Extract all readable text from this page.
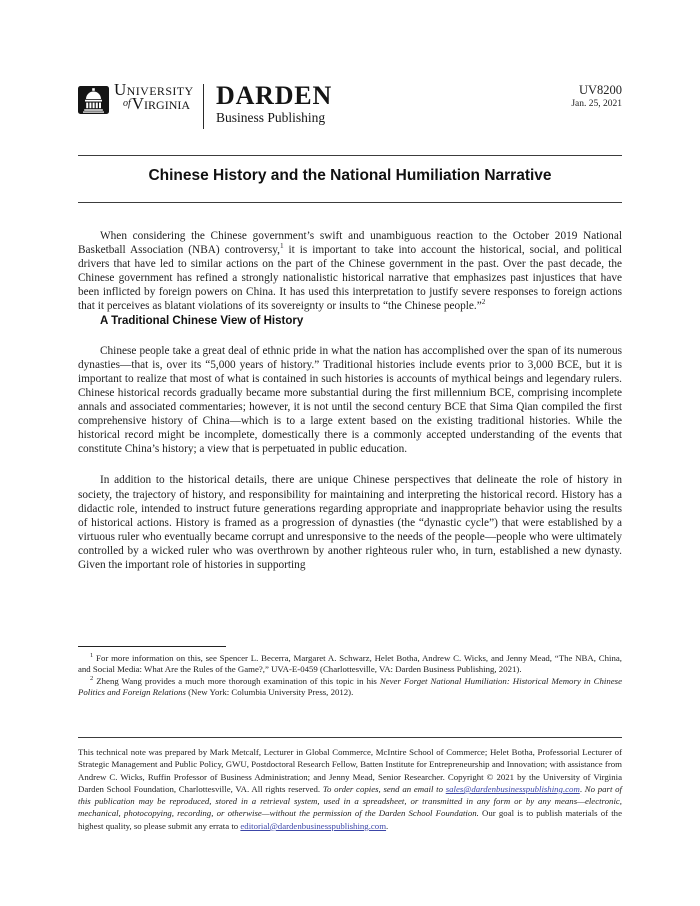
University
ofVirginia DARDEN
Business Publishing
UV8200
Jan. 25, 2021
Chinese History and the National Humiliation Narrative

When considering the Chinese government’s swift and unambiguous reaction to the October 2019 National Basketball Association (NBA) controversy,$^1$ it is important to take into account the historical, social, and political drivers that have led to similar actions on the part of the Chinese government in the past. Over the past decade, the Chinese government has refined a strongly nationalistic historical narrative that emphasizes past injustices that have been inflicted by foreign powers on China. It has used this interpretation to justify severe responses to foreign actions that it perceives as blatant violations of its sovereignty or insults to “the Chinese people.”$^2$

A Traditional Chinese View of History

Chinese people take a great deal of ethnic pride in what the nation has accomplished over the span of its numerous dynasties—that is, over its “5,000 years of history.” Traditional histories include events prior to 3,000 BCE, but it is important to realize that most of what is contained in such histories is accounts of mythical beings and legendary rulers. Chinese historical records gradually became more substantial during the first millennium BCE, comprising incomplete annals and associated commentaries; however, it is not until the second century BCE that Sima Qian compiled the first comprehensive history of China—which is to a large extent based on the existing traditional histories. While the historical record might be incomplete, domestically there is a commonly accepted understanding of the events that constitute China’s history; a view that is perpetuated in public education.

In addition to the historical details, there are unique Chinese perspectives that delineate the role of history in society, the trajectory of history, and responsibility for maintaining and interpreting the historical record. History has a didactic role, intended to instruct future generations regarding appropriate and inappropriate behavior using the results of historical actions. History is framed as a progression of dynasties (the “dynastic cycle”) that were established by a virtuous ruler who eventually became corrupt and unresponsive to the needs of the people—people who were ultimately controlled by a wicked ruler who was overthrown by another righteous ruler who, in turn, established a new dynasty. Given the important role of histories in supporting

$^1$ For more information on this, see Spencer L. Becerra, Margaret A. Schwarz, Helet Botha, Andrew C. Wicks, and Jenny Mead, “The NBA, China, and Social Media: What Are the Rules of the Game?,” UVA-E-0459 (Charlottesville, VA: Darden Business Publishing, 2021).

$^2$ Zheng Wang provides a much more thorough examination of this topic in his Never Forget National Humiliation: Historical Memory in Chinese Politics and Foreign Relations (New York: Columbia University Press, 2012).

This technical note was prepared by Mark Metcalf, Lecturer in Global Commerce, McIntire School of Commerce; Helet Botha, Professorial Lecturer of Strategic Management and Public Policy, GWU, Postdoctoral Research Fellow, Batten Institute for Entrepreneurship and Innovation; with assistance from Andrew C. Wicks, Ruffin Professor of Business Administration; and Jenny Mead, Senior Researcher. Copyright © 2021 by the University of Virginia Darden School Foundation, Charlottesville, VA. All rights reserved. To order copies, send an email to sales@dardenbusinesspublishing.com. No part of this publication may be reproduced, stored in a retrieval system, used in a spreadsheet, or transmitted in any form or by any means—electronic, mechanical, photocopying, recording, or otherwise—without the permission of the Darden School Foundation. Our goal is to publish materials of the highest quality, so please submit any errata to editorial@dardenbusinesspublishing.com.
